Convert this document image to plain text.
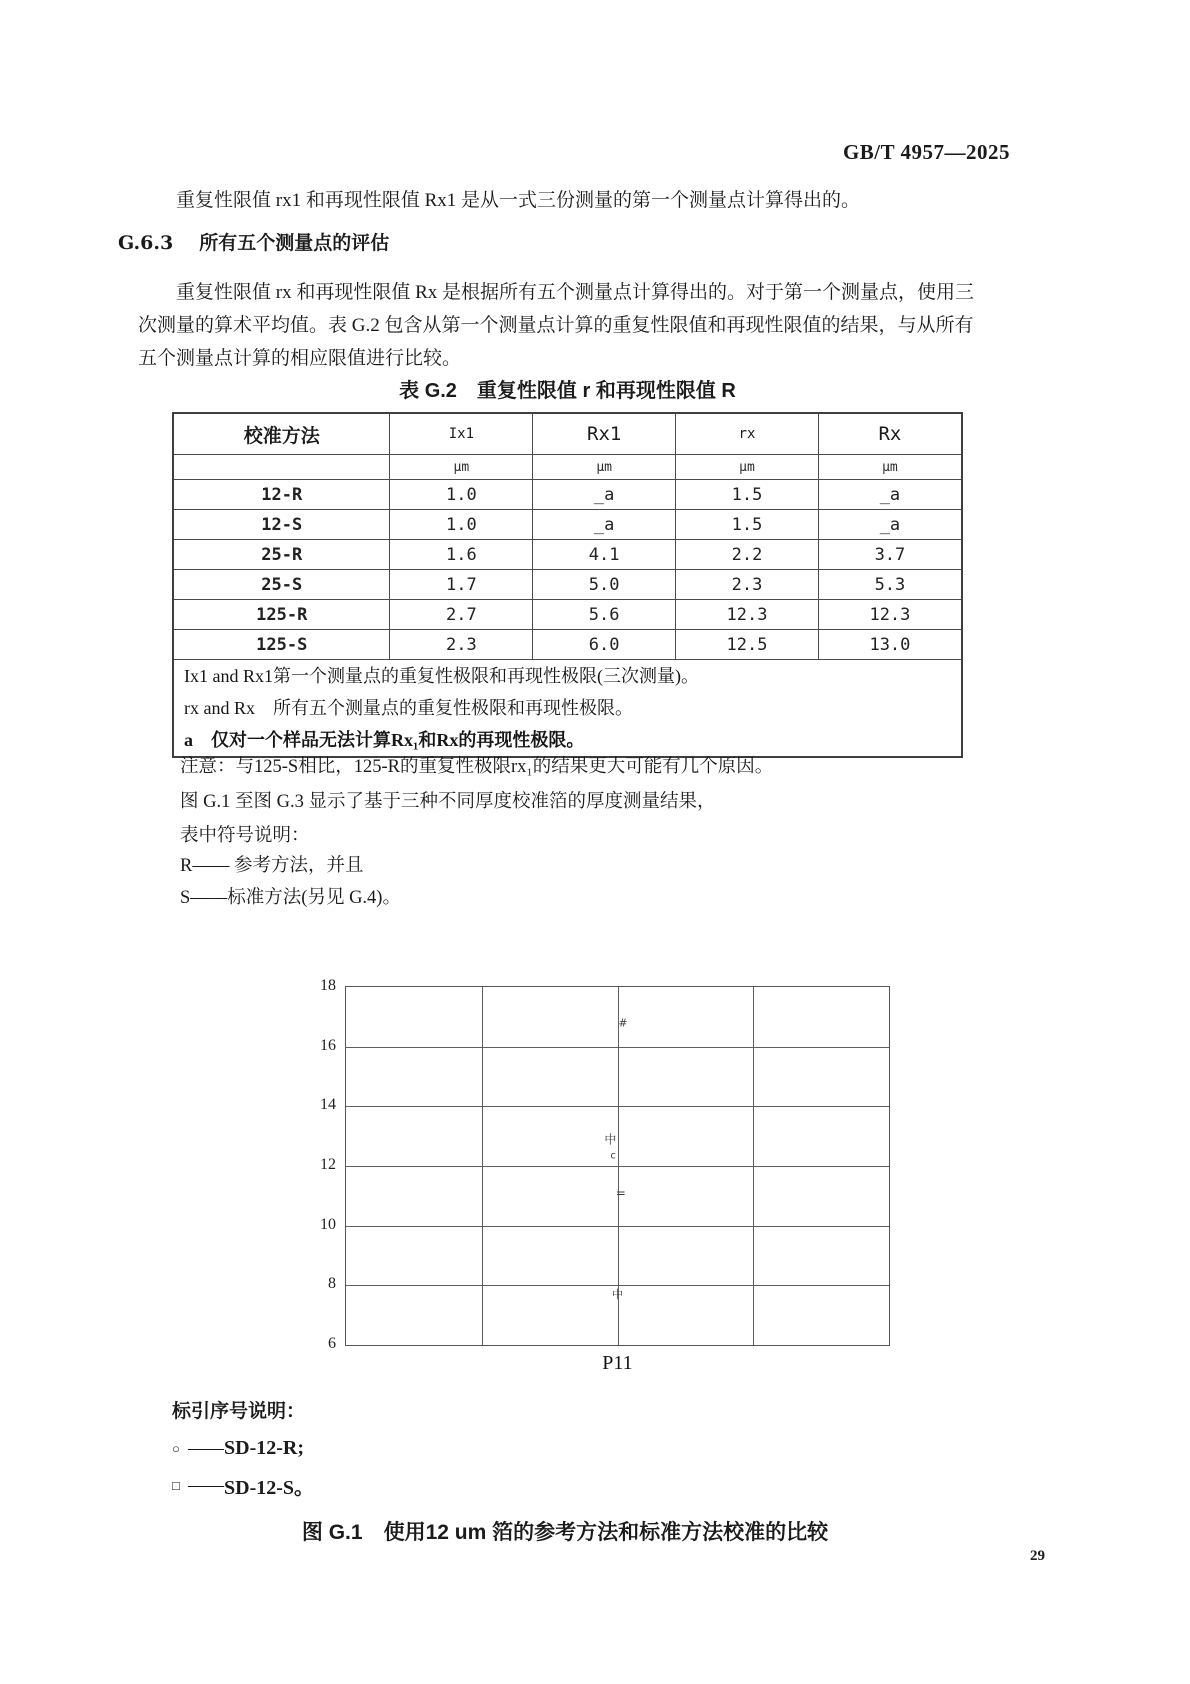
GB/T 4957—2025
重复性限值 rx1 和再现性限值 Rx1 是从一式三份测量的第一个测量点计算得出的。
G.6.3 所有五个测量点的评估
重复性限值 rx 和再现性限值 Rx 是根据所有五个测量点计算得出的。对于第一个测量点，使用三
次测量的算术平均值。表 G.2 包含从第一个测量点计算的重复性限值和再现性限值的结果，与从所有
五个测量点计算的相应限值进行比较。
表 G.2　重复性限值 r 和再现性限值 R
校准方法	Ix1	Rx1	rx	Rx
	μm	μm	μm	μm
12-R	1.0	_a	1.5	_a
12-S	1.0	_a	1.5	_a
25-R	1.6	4.1	2.2	3.7
25-S	1.7	5.0	2.3	5.3
125-R	2.7	5.6	12.3	12.3
125-S	2.3	6.0	12.5	13.0
Ix1 and Rx1第一个测量点的重复性极限和再现性极限(三次测量)。				
rx and Rx　所有五个测量点的重复性极限和再现性极限。				
a　仅对一个样品无法计算Rx₁和Rx的再现性极限。				
注意：与125-S相比，125-R的重复性极限rx₁的结果更大可能有几个原因。
图 G.1 至图 G.3 显示了基于三种不同厚度校准箔的厚度测量结果，
表中符号说明：
R—— 参考方法，并且
S——标准方法(另见 G.4)。
P11
18
16
14
12
10
8
6
#
中
c
=
中
标引序号说明：
○ —— SD-12-R;
□ —— SD-12-S。
图 G.1　使用12 um 箔的参考方法和标准方法校准的比较
29
